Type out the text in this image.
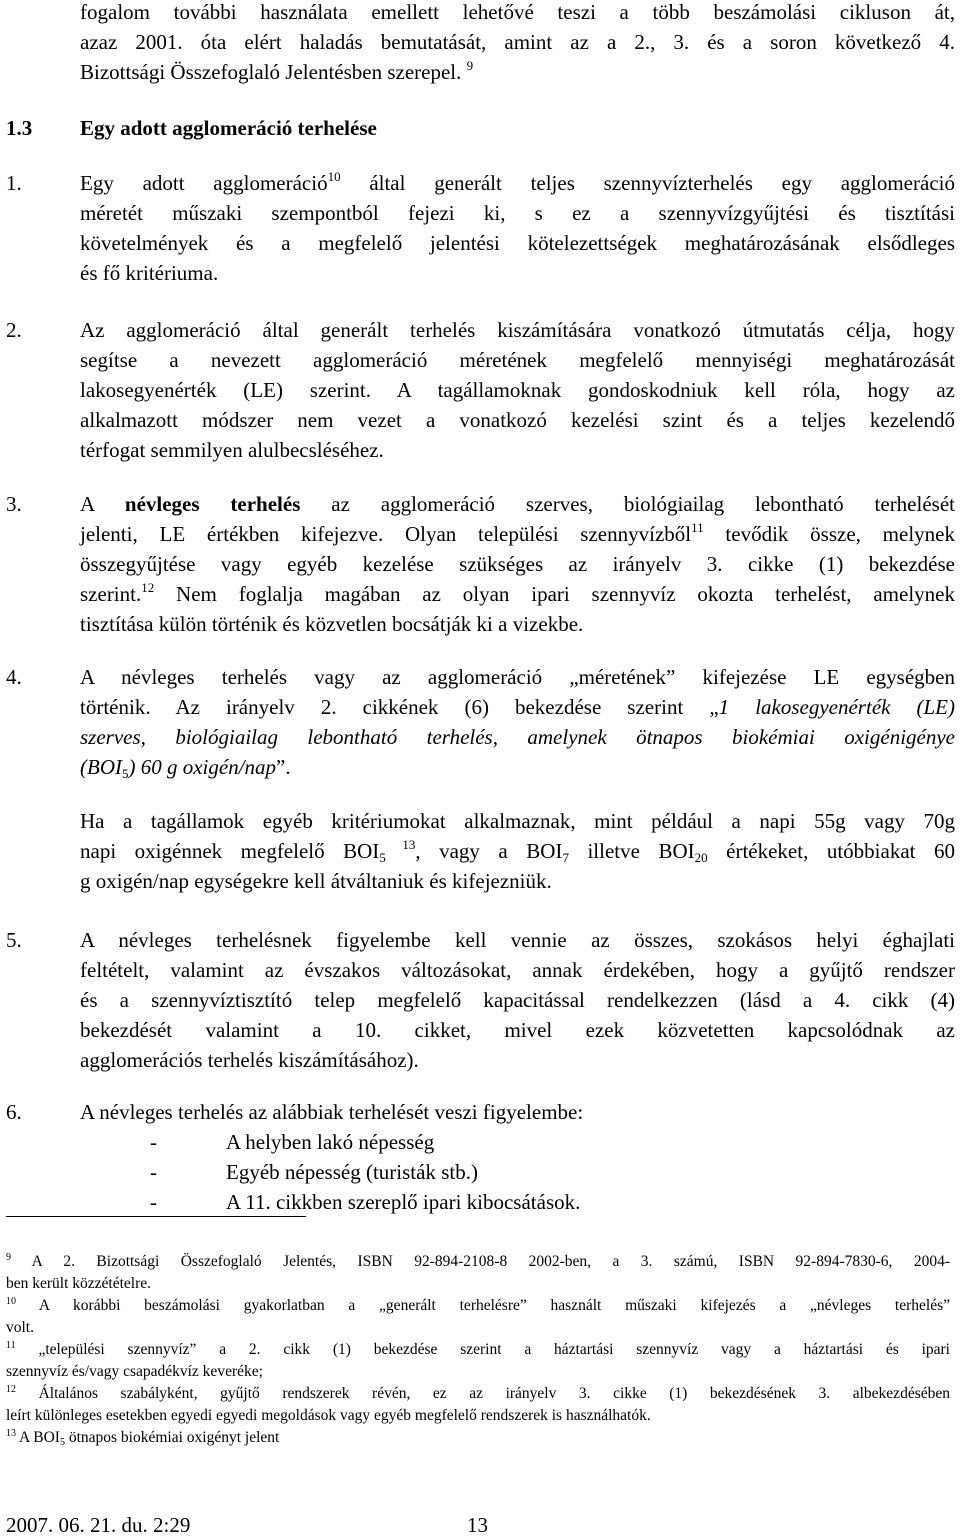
fogalom további használata emellett lehetővé teszi a több beszámolási cikluson át,
azaz 2001. óta elért haladás bemutatását, amint az a 2., 3. és a soron következő 4.
Bizottsági Összefoglaló Jelentésben szerepel. $^9$
1.3 Egy adott agglomeráció terhelése
1.	Egy adott agglomeráció$^{10}$ által generált teljes szennyvízterhelés egy agglomeráció
méretét műszaki szempontból fejezi ki, s ez a szennyvízgyűjtési és tisztítási
követelmények és a megfelelő jelentési kötelezettségek meghatározásának elsődleges
és fő kritériuma.
2.	Az agglomeráció által generált terhelés kiszámítására vonatkozó útmutatás célja, hogy
segítse a nevezett agglomeráció méretének megfelelő mennyiségi meghatározását
lakosegyenérték (LE) szerint. A tagállamoknak gondoskodniuk kell róla, hogy az
alkalmazott módszer nem vezet a vonatkozó kezelési szint és a teljes kezelendő
térfogat semmilyen alulbecsléséhez.
3.	A névleges terhelés az agglomeráció szerves, biológiailag lebontható terhelését
jelenti, LE értékben kifejezve. Olyan települési szennyvízből$^{11}$ tevődik össze, melynek
összegyűjtése vagy egyéb kezelése szükséges az irányelv 3. cikke (1) bekezdése
szerint.$^{12}$ Nem foglalja magában az olyan ipari szennyvíz okozta terhelést, amelynek
tisztítása külön történik és közvetlen bocsátják ki a vizekbe.
4.	A névleges terhelés vagy az agglomeráció „méretének” kifejezése LE egységben
történik. Az irányelv 2. cikkének (6) bekezdése szerint „1 lakosegyenérték (LE)
szerves, biológiailag lebontható terhelés, amelynek ötnapos biokémiai oxigénigénye
$(BOI_5)$ 60 g oxigén/nap”.
Ha a tagállamok egyéb kritériumokat alkalmaznak, mint például a napi 55g vagy 70g
napi oxigénnek megfelelő $BOI_5$ $^{13}$, vagy a $BOI_7$ illetve $BOI_{20}$ értékeket, utóbbiakat 60
g oxigén/nap egységekre kell átváltaniuk és kifejezniük.
5.	A névleges terhelésnek figyelembe kell vennie az összes, szokásos helyi éghajlati
feltételt, valamint az évszakos változásokat, annak érdekében, hogy a gyűjtő rendszer
és a szennyvíztisztító telep megfelelő kapacitással rendelkezzen (lásd a 4. cikk (4)
bekezdését valamint a 10. cikket, mivel ezek közvetetten kapcsolódnak az
agglomerációs terhelés kiszámításához).
6.	A névleges terhelés az alábbiak terhelését veszi figyelembe:
-	A helyben lakó népesség
-	Egyéb népesség (turisták stb.)
-	A 11. cikkben szereplő ipari kibocsátások.
$^9$ A 2. Bizottsági Összefoglaló Jelentés, ISBN 92-894-2108-8 2002-ben, a 3. számú, ISBN 92-894-7830-6, 2004-
ben került közzétételre.
$^{10}$ A korábbi beszámolási gyakorlatban a „generált terhelésre” használt műszaki kifejezés a „névleges terhelés”
volt.
$^{11}$ „települési szennyvíz” a 2. cikk (1) bekezdése szerint a háztartási szennyvíz vagy a háztartási és ipari
szennyvíz és/vagy csapadékvíz keveréke;
$^{12}$ Általános szabályként, gyűjtő rendszerek révén, ez az irányelv 3. cikke (1) bekezdésének 3. albekezdésében
leírt különleges esetekben egyedi egyedi megoldások vagy egyéb megfelelő rendszerek is használhatók.
$^{13}$ A $BOI_5$ ötnapos biokémiai oxigényt jelent
2007. 06. 21. du. 2:29	13
